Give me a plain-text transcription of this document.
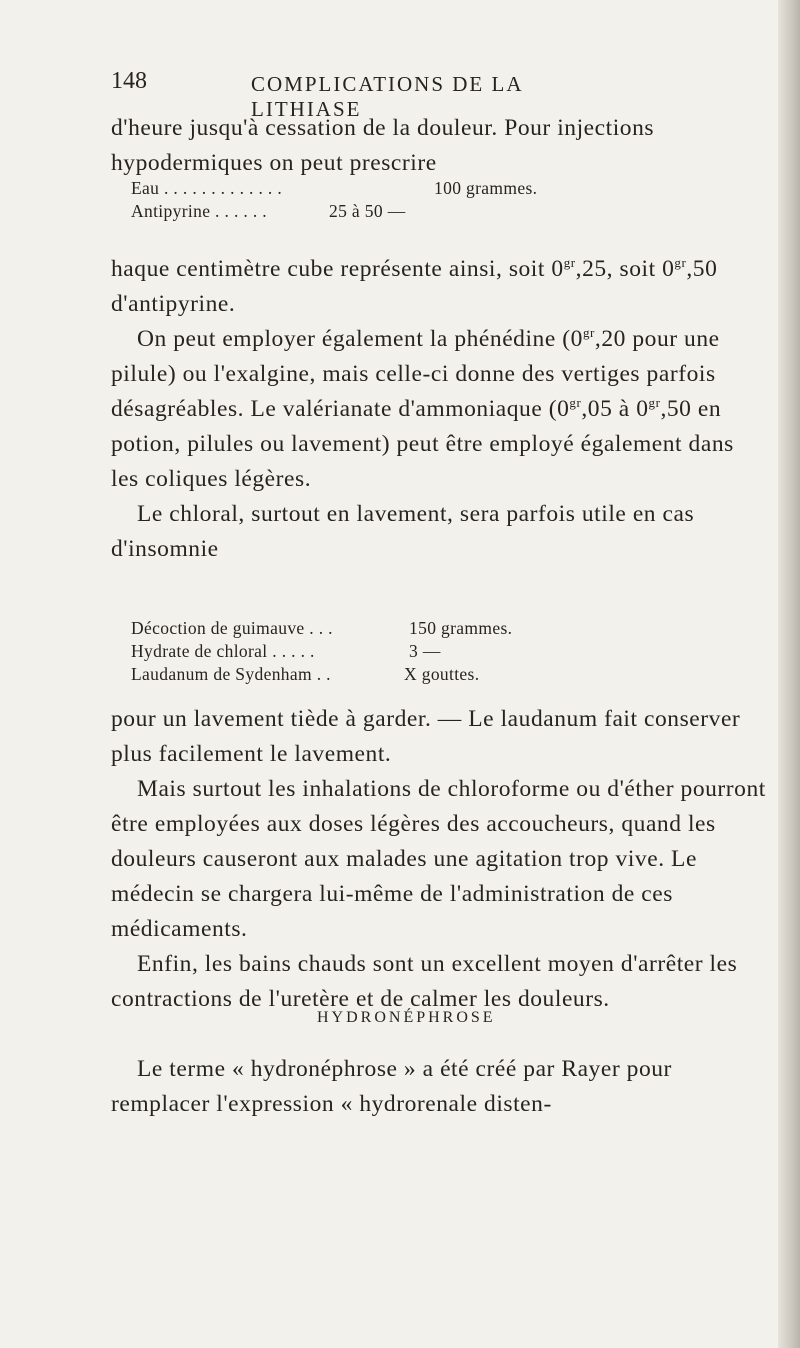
148	COMPLICATIONS DE LA LITHIASE

d'heure jusqu'à cessation de la douleur. Pour injections hypodermiques on peut prescrire

Eau . . . . . . . . . . . . .	100 grammes.
Antipyrine . . . . . .	25 à 50 —

haque centimètre cube représente ainsi, soit $0^{gr},25$, soit $0^{gr},50$ d'antipyrine.

On peut employer également la phénédine ($0^{gr},20$ pour une pilule) ou l'exalgine, mais celle-ci donne des vertiges parfois désagréables. Le valérianate d'ammoniaque ($0^{gr},05$ à $0^{gr},50$ en potion, pilules ou lavement) peut être employé également dans les coliques légères.

Le chloral, surtout en lavement, sera parfois utile en cas d'insomnie

Décoction de guimauve . . .	150 grammes.
Hydrate de chloral . . . . .	3 —
Laudanum de Sydenham . .	X gouttes.

pour un lavement tiède à garder. — Le laudanum fait conserver plus facilement le lavement.

Mais surtout les inhalations de chloroforme ou d'éther pourront être employées aux doses légères des accoucheurs, quand les douleurs causeront aux malades une agitation trop vive. Le médecin se chargera lui-même de l'administration de ces médicaments.

Enfin, les bains chauds sont un excellent moyen d'arrêter les contractions de l'uretère et de calmer les douleurs.

HYDRONÉPHROSE

Le terme « hydronéphrose » a été créé par Rayer pour remplacer l'expression « hydrorenale disten-
